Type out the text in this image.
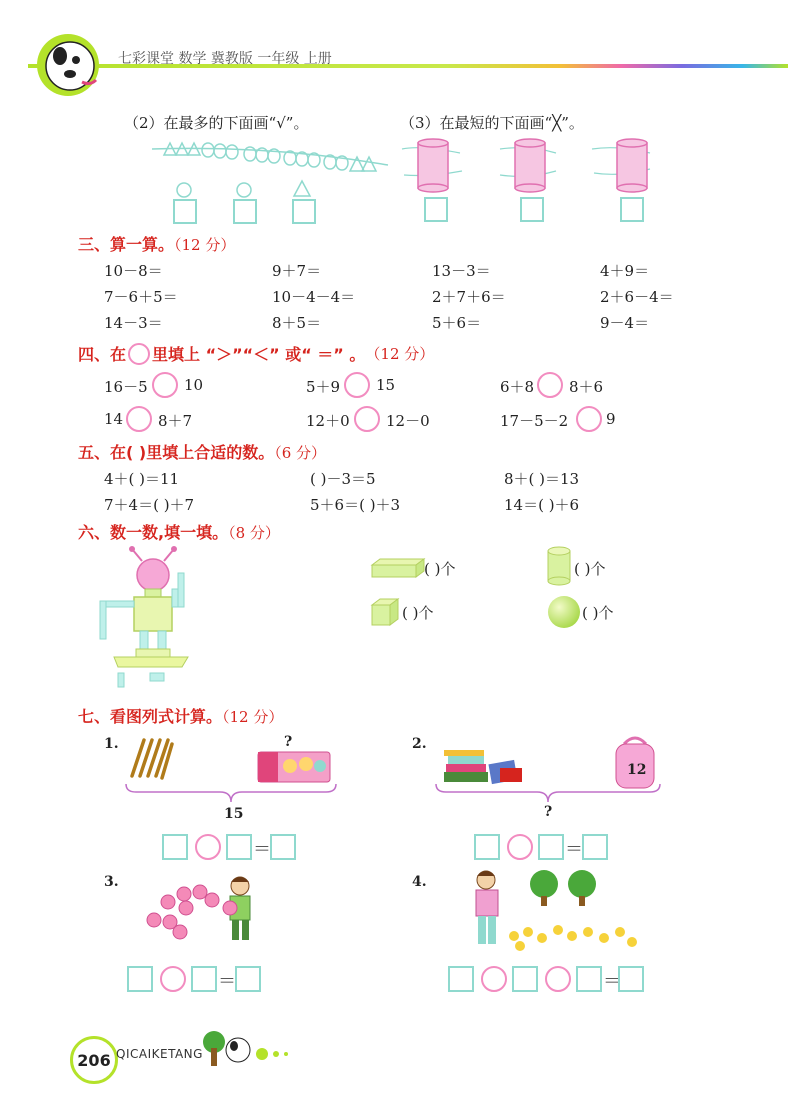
七彩课堂 数学 冀教版 一年级 上册
（2）在最多的下面画“√”。	（3）在最短的下面画“╳”。
三、算一算。（12 分）
10－8＝	9＋7＝	13－3＝	4＋9＝
7－6＋5＝	10－4－4＝	2＋7＋6＝	2＋6－4＝
14－3＝	8＋5＝	5＋6＝	9－4＝
四、在 里填上 “＞”“＜” 或“ ＝” 。 （12 分）
16－5 10	5＋9 15	6＋8 8＋6
14 8＋7	12＋0 12－0	17－5－2	9
五、在( )里填上合适的数。（6 分）
4＋( )＝11	( )－3＝5	8＋( )＝13
7＋4＝( )＋7	5＋6＝( )＋3	14＝( )＋6
六、数一数,填一填。（8 分）
( )个	( )个
( )个	( )个
七、看图列式计算。（12 分）
1.	?
15
＝
2.
12
?
＝
3.
＝
4.
＝
206 QICAIKETANG
